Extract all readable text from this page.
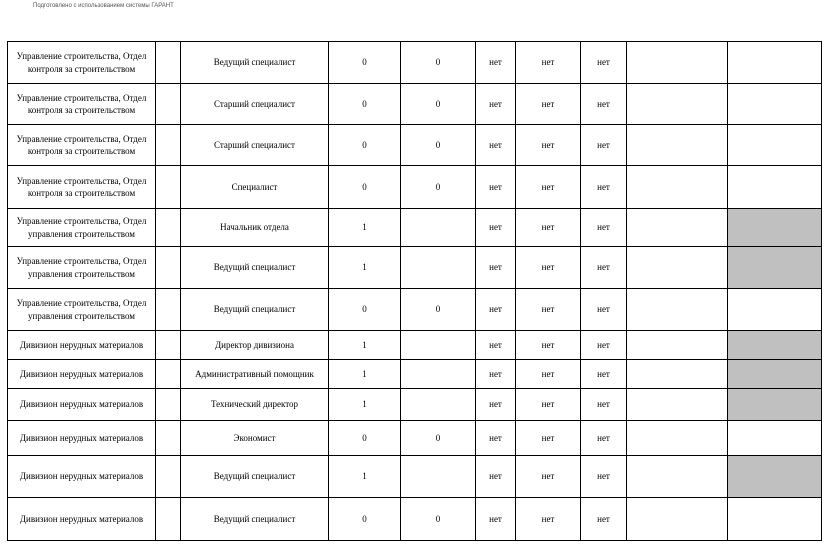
Подготовлено с использованием системы ГАРАНТ
Управление строительства, Отдел контроля за строительством		Ведущий специалист	0	0	нет	нет	нет		
Управление строительства, Отдел контроля за строительством		Старший специалист	0	0	нет	нет	нет		
Управление строительства, Отдел контроля за строительством		Старший специалист	0	0	нет	нет	нет		
Управление строительства, Отдел контроля за строительством		Специалист	0	0	нет	нет	нет		
Управление строительства, Отдел управления строительством		Начальник отдела	1		нет	нет	нет		
Управление строительства, Отдел управления строительством		Ведущий специалист	1		нет	нет	нет		
Управление строительства, Отдел управления строительством		Ведущий специалист	0	0	нет	нет	нет		
Дивизион нерудных материалов		Директор дивизиона	1		нет	нет	нет		
Дивизион нерудных материалов		Административный помощник	1		нет	нет	нет		
Дивизион нерудных материалов		Технический директор	1		нет	нет	нет		
Дивизион нерудных материалов		Экономист	0	0	нет	нет	нет		
Дивизион нерудных материалов		Ведущий специалист	1		нет	нет	нет		
Дивизион нерудных материалов		Ведущий специалист	0	0	нет	нет	нет		
